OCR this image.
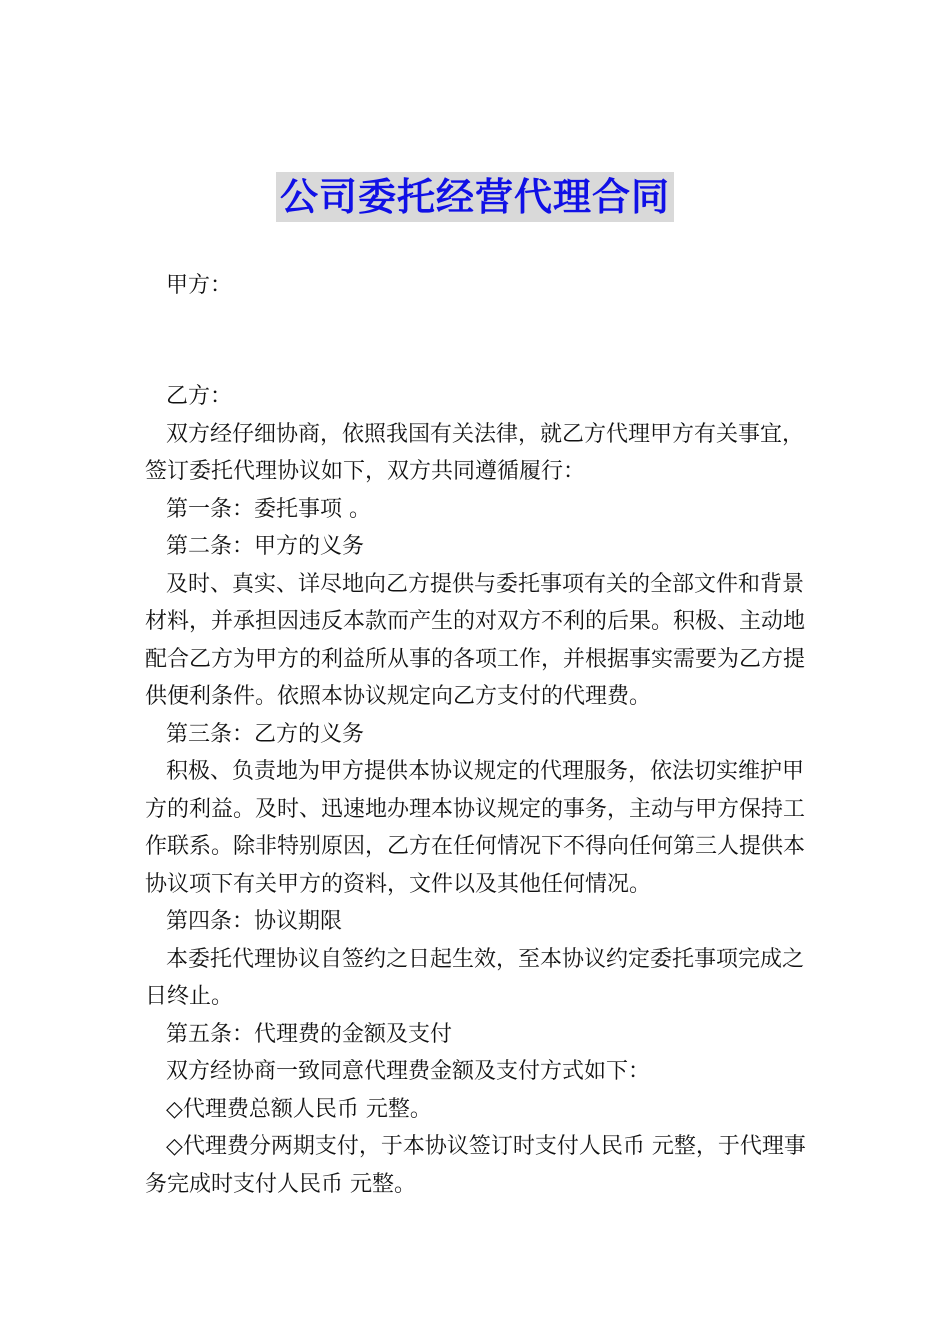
公司委托经营代理合同

甲方：

乙方：

双方经仔细协商，依照我国有关法律，就乙方代理甲方有关事宜，签订委托代理协议如下，双方共同遵循履行：

第一条：委托事项 。

第二条：甲方的义务

及时、真实、详尽地向乙方提供与委托事项有关的全部文件和背景材料，并承担因违反本款而产生的对双方不利的后果。积极、主动地配合乙方为甲方的利益所从事的各项工作，并根据事实需要为乙方提供便利条件。依照本协议规定向乙方支付的代理费。

第三条：乙方的义务

积极、负责地为甲方提供本协议规定的代理服务，依法切实维护甲方的利益。及时、迅速地办理本协议规定的事务，主动与甲方保持工作联系。除非特别原因，乙方在任何情况下不得向任何第三人提供本协议项下有关甲方的资料，文件以及其他任何情况。

第四条：协议期限

本委托代理协议自签约之日起生效，至本协议约定委托事项完成之日终止。

第五条：代理费的金额及支付

双方经协商一致同意代理费金额及支付方式如下：

◇代理费总额人民币 元整。

◇代理费分两期支付，于本协议签订时支付人民币 元整，于代理事务完成时支付人民币 元整。
